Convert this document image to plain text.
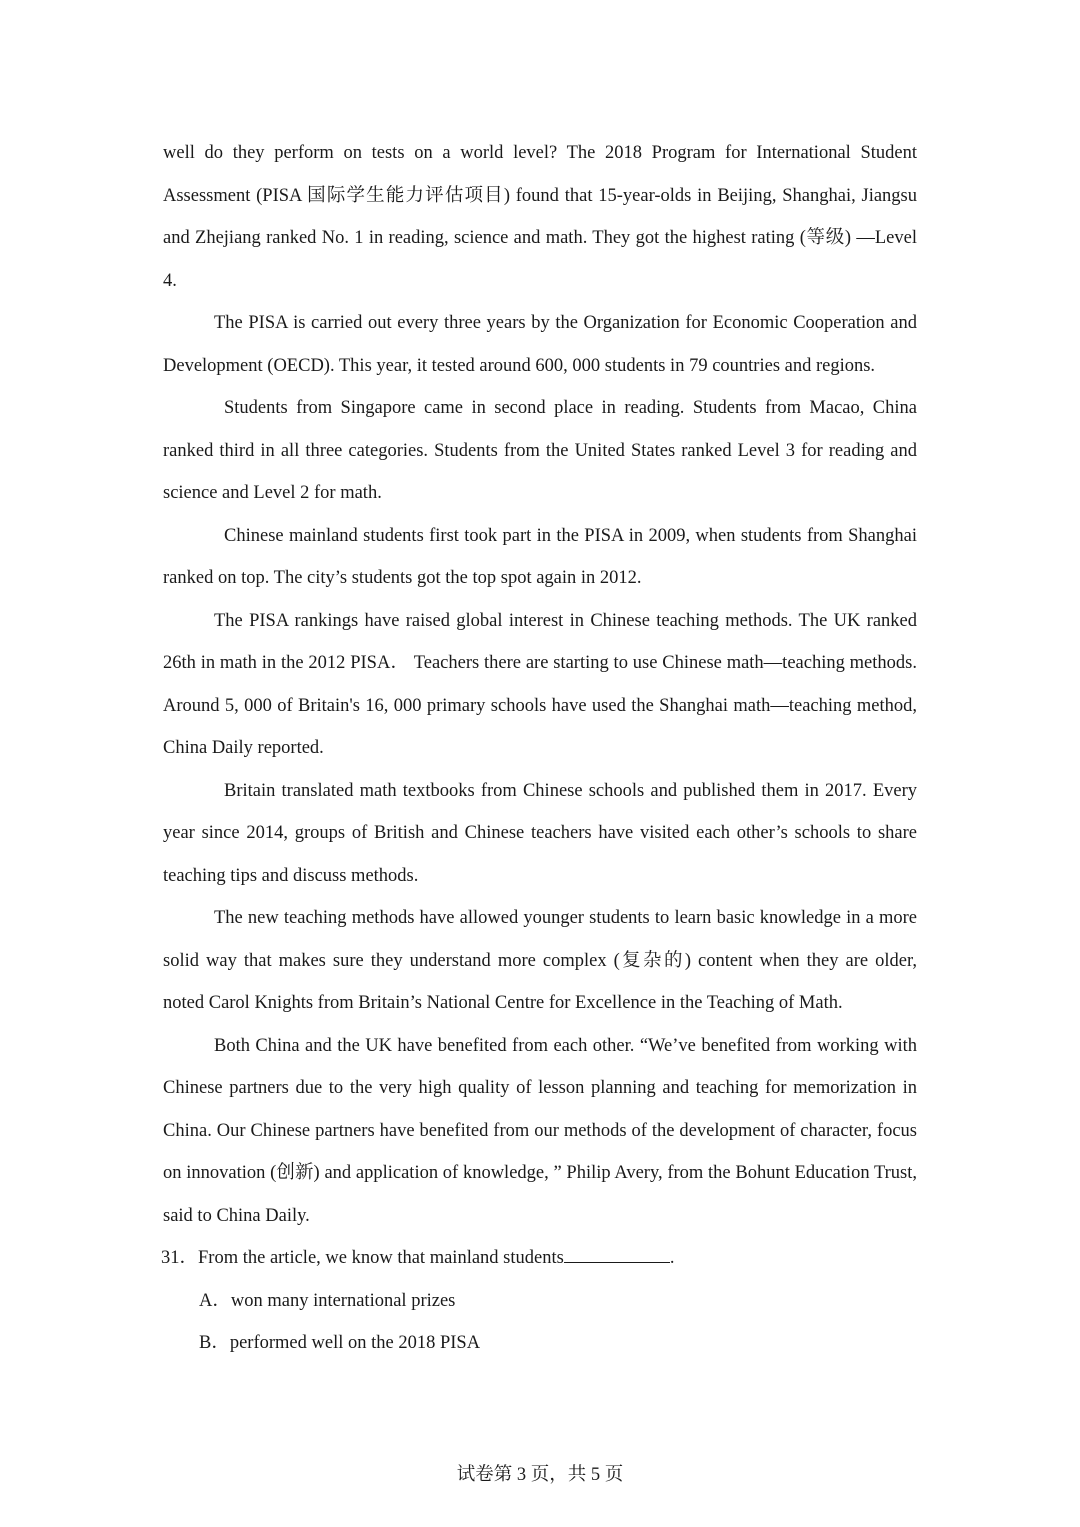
well do they perform on tests on a world level? The 2018 Program for International Student Assessment (PISA 国际学生能力评估项目) found that 15-year-olds in Beijing, Shanghai, Jiangsu and Zhejiang ranked No. 1 in reading, science and math. They got the highest rating (等级) —Level 4.

The PISA is carried out every three years by the Organization for Economic Cooperation and Development (OECD). This year, it tested around 600, 000 students in 79 countries and regions.

Students from Singapore came in second place in reading. Students from Macao, China ranked third in all three categories. Students from the United States ranked Level 3 for reading and science and Level 2 for math.

Chinese mainland students first took part in the PISA in 2009, when students from Shanghai ranked on top. The city’s students got the top spot again in 2012.

The PISA rankings have raised global interest in Chinese teaching methods. The UK ranked 26th in math in the 2012 PISA． Teachers there are starting to use Chinese math—teaching methods. Around 5, 000 of Britain's 16, 000 primary schools have used the Shanghai math—teaching method, China Daily reported.

Britain translated math textbooks from Chinese schools and published them in 2017. Every year since 2014, groups of British and Chinese teachers have visited each other’s schools to share teaching tips and discuss methods.

The new teaching methods have allowed younger students to learn basic knowledge in a more solid way that makes sure they understand more complex (复杂的) content when they are older, noted Carol Knights from Britain’s National Centre for Excellence in the Teaching of Math.

Both China and the UK have benefited from each other. “We’ve benefited from working with Chinese partners due to the very high quality of lesson planning and teaching for memorization in China. Our Chinese partners have benefited from our methods of the development of character, focus on innovation (创新) and application of knowledge, ” Philip Avery, from the Bohunt Education Trust, said to China Daily.

31．From the article, we know that mainland students	.

A．won many international prizes

B．performed well on the 2018 PISA

试卷第 3 页，共 5 页
